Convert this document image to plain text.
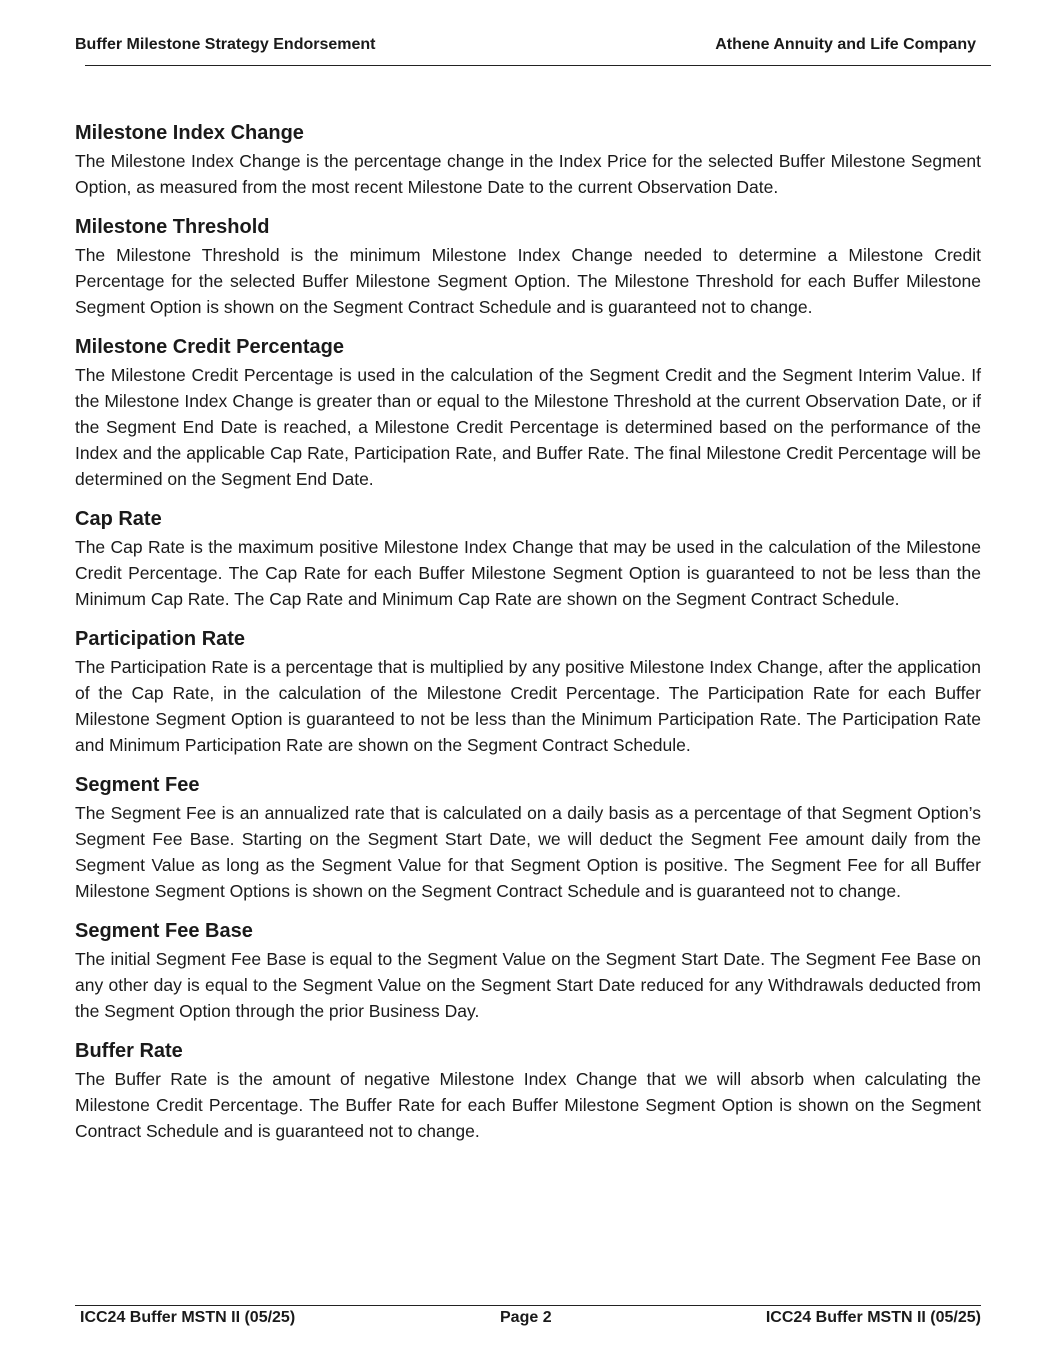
Buffer Milestone Strategy Endorsement	Athene Annuity and Life Company
Milestone Index Change

The Milestone Index Change is the percentage change in the Index Price for the selected Buffer Milestone Segment Option, as measured from the most recent Milestone Date to the current Observation Date.

Milestone Threshold

The Milestone Threshold is the minimum Milestone Index Change needed to determine a Milestone Credit Percentage for the selected Buffer Milestone Segment Option. The Milestone Threshold for each Buffer Milestone Segment Option is shown on the Segment Contract Schedule and is guaranteed not to change.

Milestone Credit Percentage

The Milestone Credit Percentage is used in the calculation of the Segment Credit and the Segment Interim Value. If the Milestone Index Change is greater than or equal to the Milestone Threshold at the current Observation Date, or if the Segment End Date is reached, a Milestone Credit Percentage is determined based on the performance of the Index and the applicable Cap Rate, Participation Rate, and Buffer Rate. The final Milestone Credit Percentage will be determined on the Segment End Date.

Cap Rate

The Cap Rate is the maximum positive Milestone Index Change that may be used in the calculation of the Milestone Credit Percentage. The Cap Rate for each Buffer Milestone Segment Option is guaranteed to not be less than the Minimum Cap Rate. The Cap Rate and Minimum Cap Rate are shown on the Segment Contract Schedule.

Participation Rate

The Participation Rate is a percentage that is multiplied by any positive Milestone Index Change, after the application of the Cap Rate, in the calculation of the Milestone Credit Percentage. The Participation Rate for each Buffer Milestone Segment Option is guaranteed to not be less than the Minimum Participation Rate. The Participation Rate and Minimum Participation Rate are shown on the Segment Contract Schedule.

Segment Fee

The Segment Fee is an annualized rate that is calculated on a daily basis as a percentage of that Segment Option’s Segment Fee Base. Starting on the Segment Start Date, we will deduct the Segment Fee amount daily from the Segment Value as long as the Segment Value for that Segment Option is positive. The Segment Fee for all Buffer Milestone Segment Options is shown on the Segment Contract Schedule and is guaranteed not to change.

Segment Fee Base

The initial Segment Fee Base is equal to the Segment Value on the Segment Start Date. The Segment Fee Base on any other day is equal to the Segment Value on the Segment Start Date reduced for any Withdrawals deducted from the Segment Option through the prior Business Day.

Buffer Rate

The Buffer Rate is the amount of negative Milestone Index Change that we will absorb when calculating the Milestone Credit Percentage. The Buffer Rate for each Buffer Milestone Segment Option is shown on the Segment Contract Schedule and is guaranteed not to change.

ICC24 Buffer MSTN II (05/25)	Page 2	ICC24 Buffer MSTN II (05/25)
